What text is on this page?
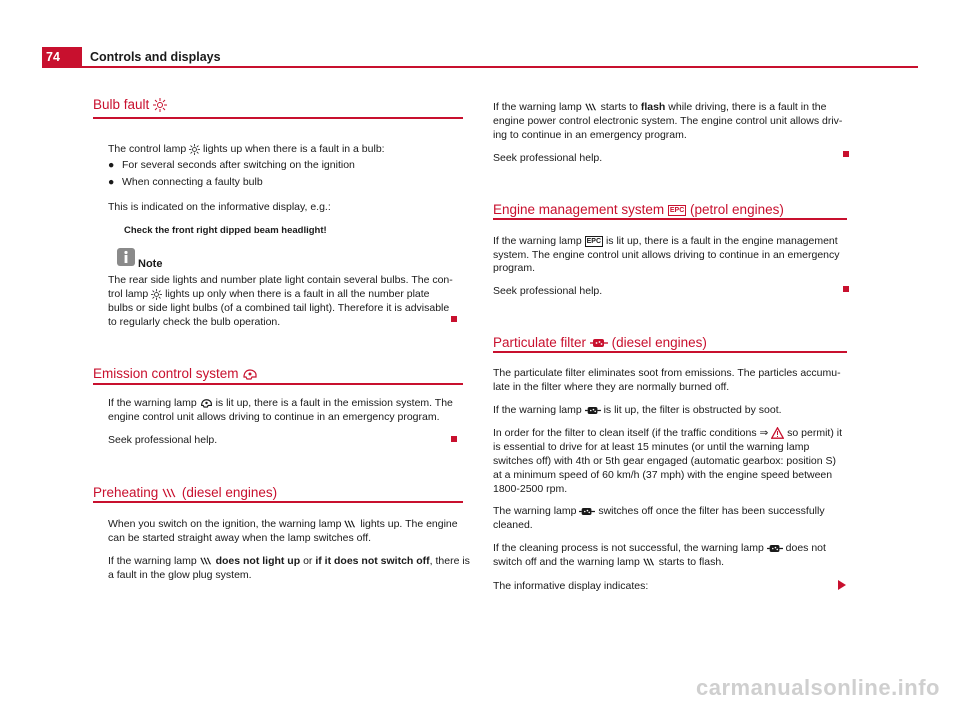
74	Controls and displays
Bulb fault
The control lamp lights up when there is a fault in a bulb:
● For several seconds after switching on the ignition
● When connecting a faulty bulb
This is indicated on the informative display, e.g.:
Check the front right dipped beam headlight!
Note
The rear side lights and number plate light contain several bulbs. The con-
trol lamp lights up only when there is a fault in all the number plate
bulbs or side light bulbs (of a combined tail light). Therefore it is advisable
to regularly check the bulb operation.
Emission control system
If the warning lamp is lit up, there is a fault in the emission system. The
engine control unit allows driving to continue in an emergency program.
Seek professional help.
Preheating (diesel engines)
When you switch on the ignition, the warning lamp lights up. The engine
can be started straight away when the lamp switches off.
If the warning lamp does not light up or if it does not switch off, there is
a fault in the glow plug system.
If the warning lamp starts to flash while driving, there is a fault in the
engine power control electronic system. The engine control unit allows driv-
ing to continue in an emergency program.
Seek professional help.
Engine management system EPC (petrol engines)
If the warning lamp EPC is lit up, there is a fault in the engine management
system. The engine control unit allows driving to continue in an emergency
program.
Seek professional help.
Particulate filter (diesel engines)
The particulate filter eliminates soot from emissions. The particles accumu-
late in the filter where they are normally burned off.
If the warning lamp is lit up, the filter is obstructed by soot.
In order for the filter to clean itself (if the traffic conditions ⇒ so permit) it
is essential to drive for at least 15 minutes (or until the warning lamp
switches off) with 4th or 5th gear engaged (automatic gearbox: position S)
at a minimum speed of 60 km/h (37 mph) with the engine speed between
1800-2500 rpm.
The warning lamp switches off once the filter has been successfully
cleaned.
If the cleaning process is not successful, the warning lamp does not
switch off and the warning lamp starts to flash.
The informative display indicates:
carmanualsonline.info
